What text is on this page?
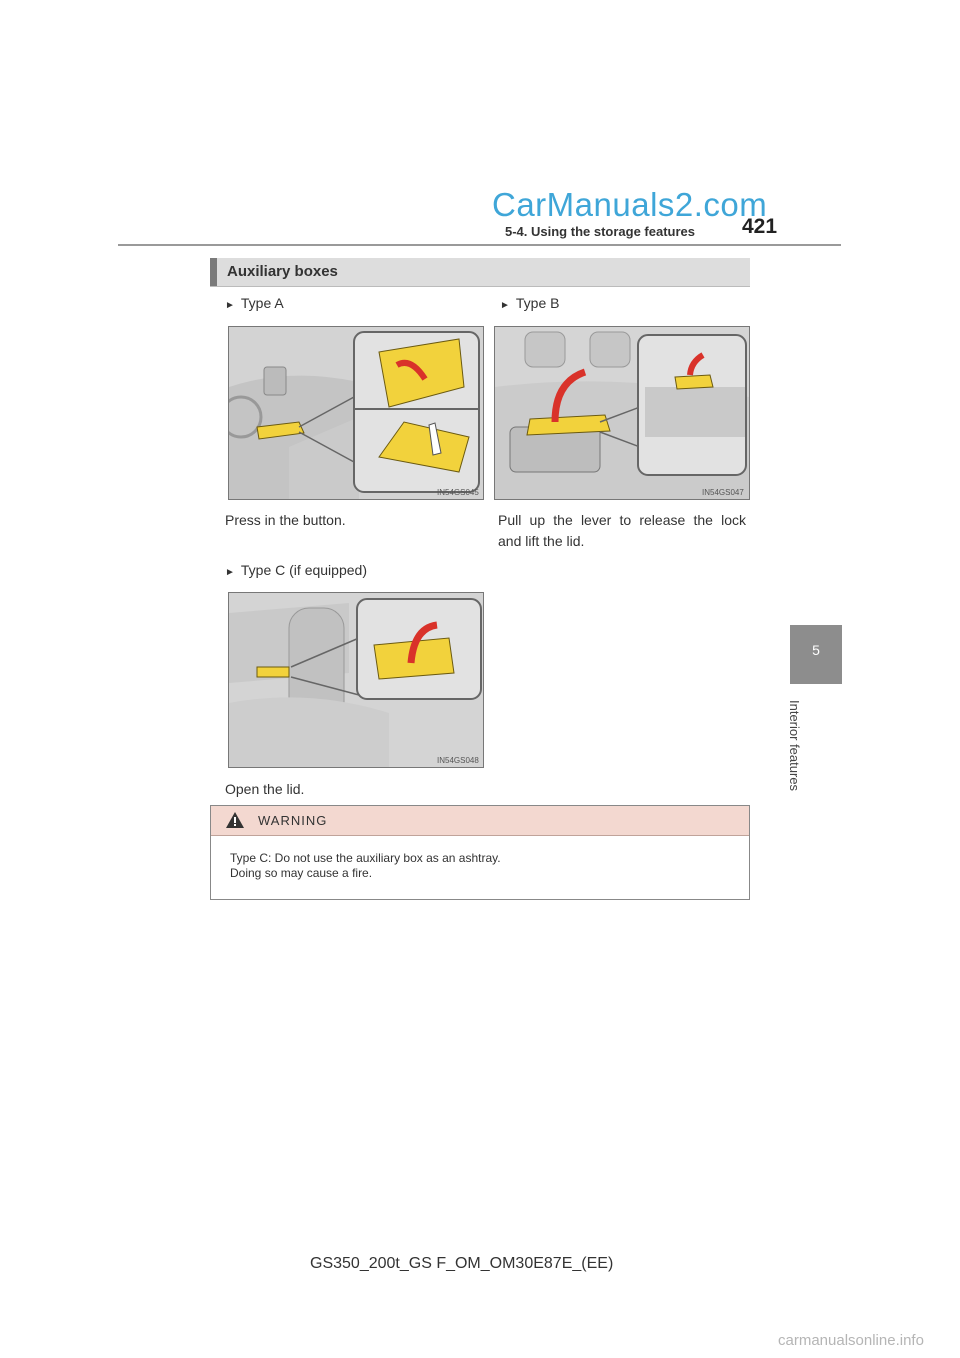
CarManuals2.com
5-4. Using the storage features 421
5
Interior features
Auxiliary boxes
► Type A
IN54GS045
Press in the button.
► Type B
IN54GS047
Pull up the lever to release the lock
and lift the lid.
► Type C (if equipped)
IN54GS048
Open the lid.
WARNING
Type C: Do not use the auxiliary box as an ashtray.
Doing so may cause a fire.
GS350_200t_GS F_OM_OM30E87E_(EE)
carmanualsonline.info
